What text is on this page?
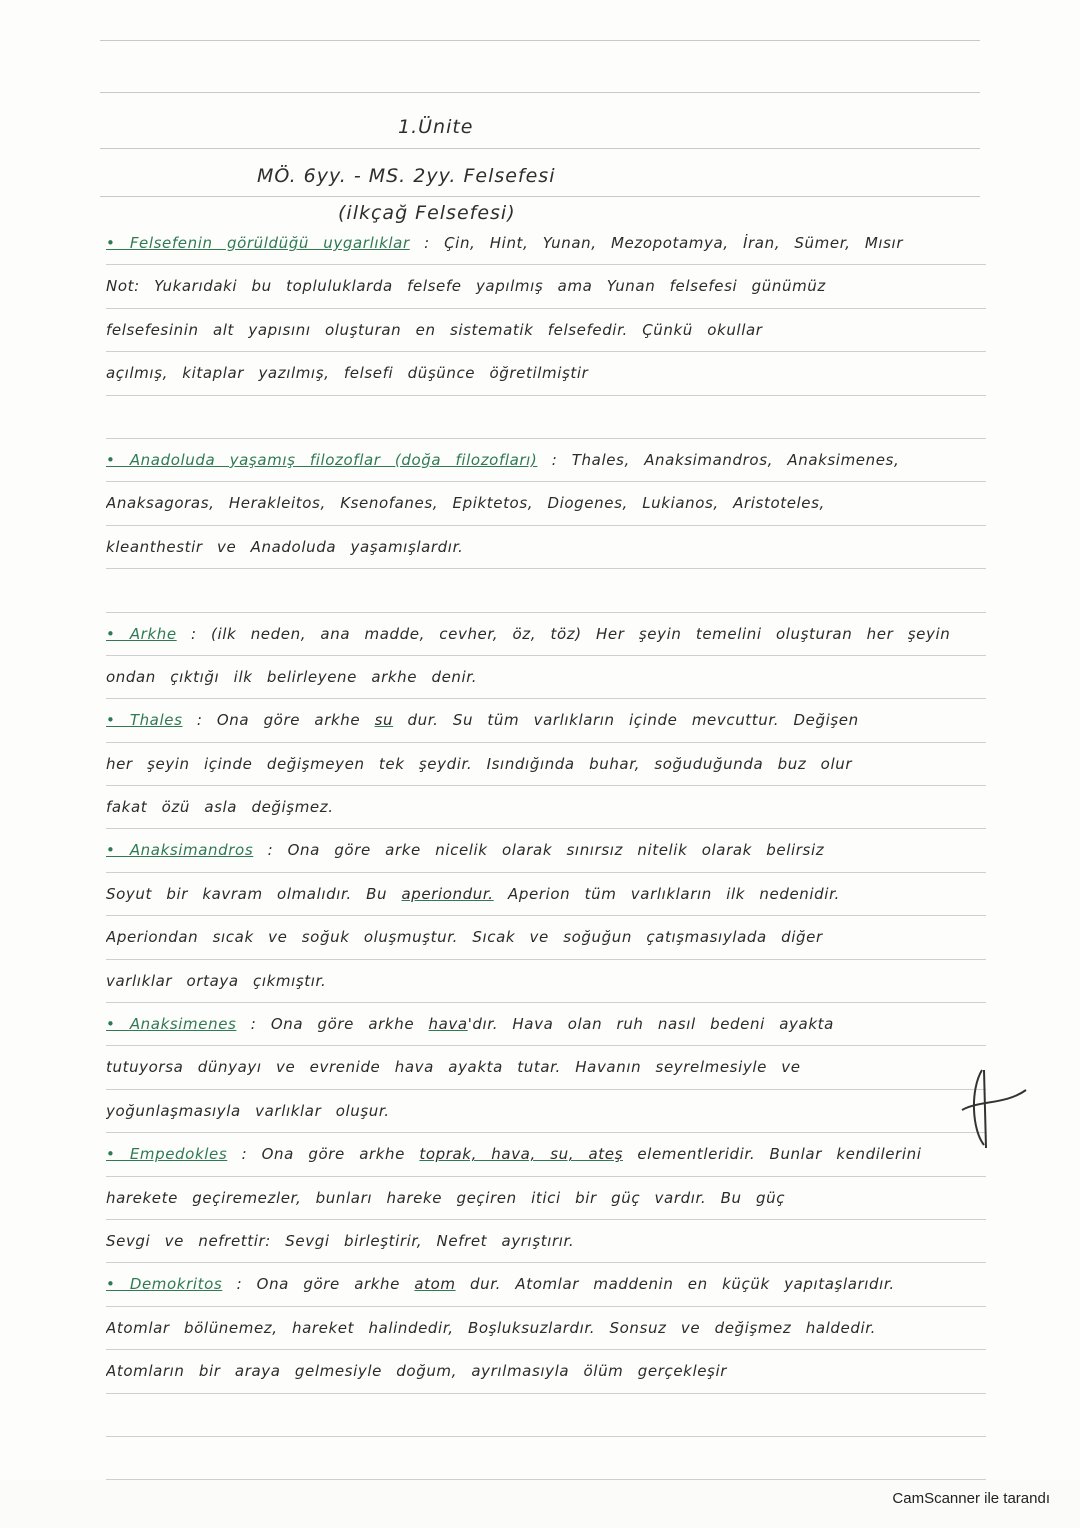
1.Ünite
MÖ. 6yy. - MS. 2yy. Felsefesi
(ilkçağ Felsefesi)
• Felsefenin görüldüğü uygarlıklar : Çin, Hint, Yunan, Mezopotamya, İran, Sümer, Mısır
Not: Yukarıdaki bu topluluklarda felsefe yapılmış ama Yunan felsefesi günümüz
felsefesinin alt yapısını oluşturan en sistematik felsefedir. Çünkü okullar
açılmış, kitaplar yazılmış, felsefi düşünce öğretilmiştir
• Anadoluda yaşamış filozoflar (doğa filozofları) : Thales, Anaksimandros, Anaksimenes,
Anaksagoras, Herakleitos, Ksenofanes, Epiktetos, Diogenes, Lukianos, Aristoteles,
kleanthestir ve Anadoluda yaşamışlardır.
• Arkhe : (ilk neden, ana madde, cevher, öz, töz) Her şeyin temelini oluşturan her şeyin
ondan çıktığı ilk belirleyene arkhe denir.
• Thales : Ona göre arkhe su dur. Su tüm varlıkların içinde mevcuttur. Değişen
her şeyin içinde değişmeyen tek şeydir. Isındığında buhar, soğuduğunda buz olur
fakat özü asla değişmez.
• Anaksimandros : Ona göre arke nicelik olarak sınırsız nitelik olarak belirsiz
Soyut bir kavram olmalıdır. Bu aperiondur. Aperion tüm varlıkların ilk nedenidir.
Aperiondan sıcak ve soğuk oluşmuştur. Sıcak ve soğuğun çatışmasıylada diğer
varlıklar ortaya çıkmıştır.
• Anaksimenes : Ona göre arkhe hava'dır. Hava olan ruh nasıl bedeni ayakta
tutuyorsa dünyayı ve evrenide hava ayakta tutar. Havanın seyrelmesiyle ve
yoğunlaşmasıyla varlıklar oluşur.
• Empedokles : Ona göre arkhe toprak, hava, su, ateş elementleridir. Bunlar kendilerini
harekete geçiremezler, bunları hareke geçiren itici bir güç vardır. Bu güç
Sevgi ve nefrettir: Sevgi birleştirir, Nefret ayrıştırır.
• Demokritos : Ona göre arkhe atom dur. Atomlar maddenin en küçük yapıtaşlarıdır.
Atomlar bölünemez, hareket halindedir, Boşluksuzlardır. Sonsuz ve değişmez haldedir.
Atomların bir araya gelmesiyle doğum, ayrılmasıyla ölüm gerçekleşir
CamScanner ile tarandı
